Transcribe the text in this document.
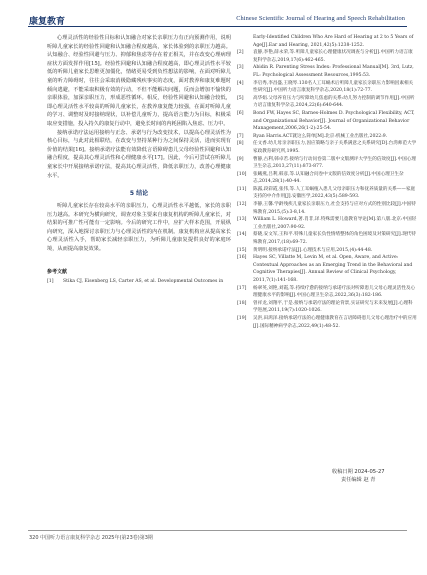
康复教育	Chinese Scientific Journal of Hearing and Speech Rehabilitation

心理灵活性的经验性目标和认知融合对家长亲职压力有正向预测作用，说明听障儿童家长的经验性回避和认知融合程度越高，家长体验到的亲职压力越高。认知融合、经验性回避与压力、抑郁和焦虑等存在着正相关，并在改变心理病理症状方面发挥作用[15]。经验性回避和认知融合程度越高，即心理灵活性水平较低的听障儿童家长思维更加僵化，情绪更易受到负性想法的影响，在面对听障儿童的听力障碍时，往往会采取消极隐藏残疾事实的态度，面对教养和康复难题时倾向逃避，不能采取积极有效的行动，不但不能解决问题，反而会增加不愉快的亲职体验，加深亲职压力，形成恶性循环。相反，经验性回避和认知融合较低，即心理灵活性水平较高的听障儿童家长，在教养康复能力较强，在面对听障儿童的学习、调整时及时接纳现状，以补偿儿童听力，提高语言能力为目标，积极采取应变措施，投入持久的康复行动中，避免长时间的内耗困陷入焦虑、压力中。

接纳承诺疗法运用接纳与正念、承诺与行为改变技术，以提高心理灵活性为核心目标，与此对此相联结，在改变与坚持某种行为之间保持灵活，进而实现有价值的结果[16]。接纳承诺疗法能有效降低言语障碍患儿父母经验性回避和认知融合程度，提高其心理灵活性和心理健康水平[17]。因此，今后可尝试在听障儿童家长中开展接纳承诺疗法，提高其心理灵活性，降低亲职压力，改善心理健康水平。

5 结论

听障儿童家长存在较高水平的亲职压力，心理灵活性水平越低，家长的亲职压力越高。本研究为横向研究，调查对象主要来自康复机构的听障儿童家长，对结果的可推广性可能有一定影响。今后的研究工作中，应扩大样本范围，开展纵向研究，深入地探讨亲职压力与心理灵活性的内在机制。康复机构应从提高家长心理灵活性入手，帮助家长减轻亲职压力，为听障儿童康复提供良好的家庭环境，从而提高康复效果。

参考文献
[1]	Stika CJ, Eisenberg LS, Carter AS, et al. Developmental Outcomes in

Early-Identified Children Who Are Hard of Hearing at 2 to 5 Years of Age[J].Ear and Hearing, 2021,42(5):1238-1252.

[2]	袁静,李艳,薛永荣,等.听障儿童家长心理健康状况调查与分析[J].中国听力语言康复科学杂志,2019,17(6):462-465.
[3]	Abidin R. Parenting Stress Index: Professional Manual[M]. 3rd, Lutz, FL: Psychological Assessment Resources,1995:53.
[4]	李启秀,李昌盛,王晓琴.130名人工耳蜗术后听障儿童家长亲职压力影响因素相关性研究[J].中国听力语言康复科学杂志,2020,18(1):72-77.
[5]	高华娟.父母养育压力与听障幼儿焦虑的关系:幼儿努力控制的调节作用[J].中国听力语言康复科学杂志,2024,22(6):640-644.
[6]	Bond FW, Hayes SC, Barnes-Holmes D. Psychological Flexibility, ACT, and Organizational Behavior[J]. Journal of Organizational Behavior Management,2006,26(1-2):25-54.
[7]	Ryan Harris.ACT就这么简单[M].北京:机械工业出版社,2022:9.
[8]	任文香.幼儿母亲亲职压力,因应策略与亲子关系满意之关系研究[D].台湾师范大学家政教育研究所,1995.
[9]	曹静,古利,韩卓若.接纳与行动问卷第二版中文版测评大学生的信效度[J].中国心理卫生杂志,2013,27(11):873-877.
[10]	张曦燕,吕利,韩彦,等.认知融合问卷中文版的信效度分析[J].中国心理卫生杂志,2014,28(1):40-44.
[11]	陈露,段彩霞,张伟,等.人工耳蜗植入患儿父母亲职压力和抚养质量的关系——家庭支持的中介作用[J].安徽医学,2022,43(5):589-593.
[12]	李静,王馨.学龄残疾儿童家长亲职压力,社会支持与应对方式的性别比较[J].中国特殊教育,2015,(5):3-8,14.
[13]	William L. Howard,著.肖非,译.特殊需要儿童教育导论[M].第八版.北京:中国轻工业出版社,2007:90-92.
[14]	蔡晓,安文军,王和平.特殊儿童家长负性情绪整体的角色困境及对策研究[J].现代特殊教育,2017,(18):69-72.
[15]	黄明明.接纳承诺疗法[J].心理技术与应用,2015,(4):44-48.
[16]	Hayes SC, Villatte M, Levin M, et al. Open, Aware, and Active: Contextual Approaches as an Emerging Trend in the Behavioral and Cognitive Therapies[J]. Annual Review of Clinical Psychology, 2011,7(1):141-168.
[17]	杨翠英,刘艳,刘霞,等.持续疗愈的接纳与承诺疗法对听障患儿父母心理灵活性及心理健康水平的影响[J].中国心理卫生杂志,2022,36(3):182-186.
[18]	曾祥龙,刘翔平,于是.接纳与承诺疗法的理论背景,实证研究与未来发展[J].心理科学进展,2011,19(7):1020-1026.
[19]	吴洪,田鸿泽.接纳承诺疗法的心理健康教育在言语障碍患儿父母心理治疗中的应用[J].国际精神病学杂志,2022,49(1):48-52.
收稿日期 2024-05-27
责任编辑 赵 青
320 中国听力语言康复科学杂志 2025年(第23卷)第3期
